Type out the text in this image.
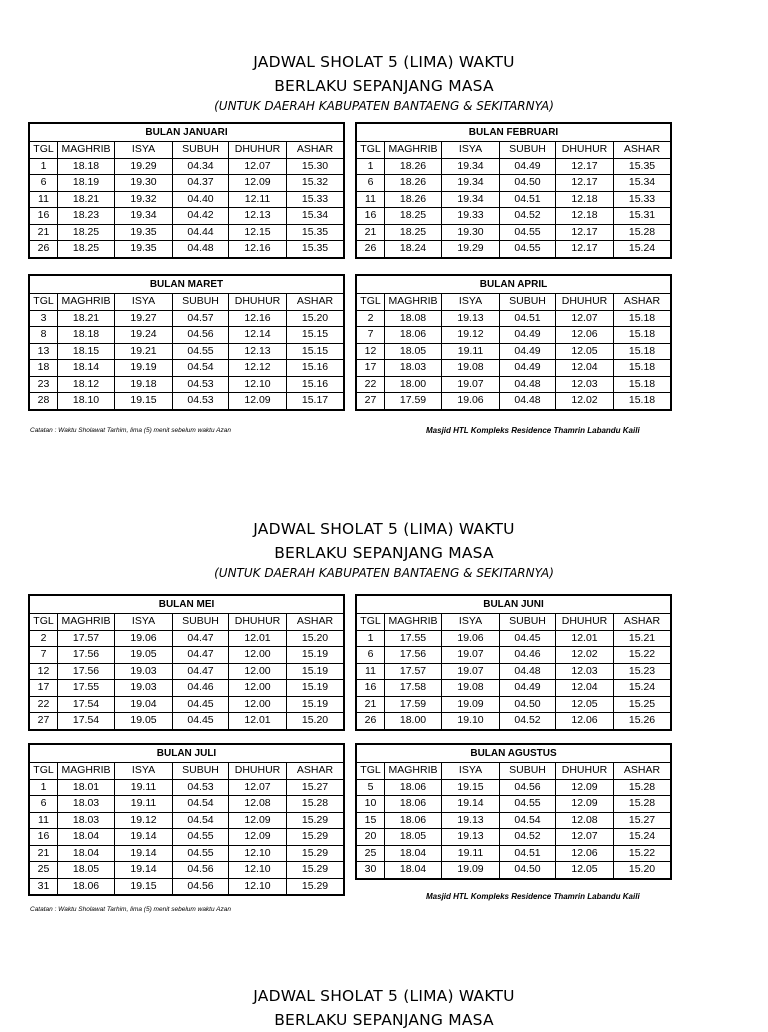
JADWAL SHOLAT 5 (LIMA) WAKTU
BERLAKU SEPANJANG MASA
(UNTUK DAERAH KABUPATEN BANTAENG & SEKITARNYA)
BULAN JANUARI					
TGL	MAGHRIB	ISYA	SUBUH	DHUHUR	ASHAR
1	18.18	19.29	04.34	12.07	15.30
6	18.19	19.30	04.37	12.09	15.32
11	18.21	19.32	04.40	12.11	15.33
16	18.23	19.34	04.42	12.13	15.34
21	18.25	19.35	04.44	12.15	15.35
26	18.25	19.35	04.48	12.16	15.35
BULAN FEBRUARI					
TGL	MAGHRIB	ISYA	SUBUH	DHUHUR	ASHAR
1	18.26	19.34	04.49	12.17	15.35
6	18.26	19.34	04.50	12.17	15.34
11	18.26	19.34	04.51	12.18	15.33
16	18.25	19.33	04.52	12.18	15.31
21	18.25	19.30	04.55	12.17	15.28
26	18.24	19.29	04.55	12.17	15.24
BULAN MARET					
TGL	MAGHRIB	ISYA	SUBUH	DHUHUR	ASHAR
3	18.21	19.27	04.57	12.16	15.20
8	18.18	19.24	04.56	12.14	15.15
13	18.15	19.21	04.55	12.13	15.15
18	18.14	19.19	04.54	12.12	15.16
23	18.12	19.18	04.53	12.10	15.16
28	18.10	19.15	04.53	12.09	15.17
BULAN APRIL					
TGL	MAGHRIB	ISYA	SUBUH	DHUHUR	ASHAR
2	18.08	19.13	04.51	12.07	15.18
7	18.06	19.12	04.49	12.06	15.18
12	18.05	19.11	04.49	12.05	15.18
17	18.03	19.08	04.49	12.04	15.18
22	18.00	19.07	04.48	12.03	15.18
27	17.59	19.06	04.48	12.02	15.18
Catatan : Waktu Sholawat Tarhim, lima (5) menit sebelum waktu Azan	Masjid HTL Kompleks Residence Thamrin Labandu Kaili
JADWAL SHOLAT 5 (LIMA) WAKTU
BERLAKU SEPANJANG MASA
(UNTUK DAERAH KABUPATEN BANTAENG & SEKITARNYA)
BULAN MEI					
TGL	MAGHRIB	ISYA	SUBUH	DHUHUR	ASHAR
2	17.57	19.06	04.47	12.01	15.20
7	17.56	19.05	04.47	12.00	15.19
12	17.56	19.03	04.47	12.00	15.19
17	17.55	19.03	04.46	12.00	15.19
22	17.54	19.04	04.45	12.00	15.19
27	17.54	19.05	04.45	12.01	15.20
BULAN JUNI					
TGL	MAGHRIB	ISYA	SUBUH	DHUHUR	ASHAR
1	17.55	19.06	04.45	12.01	15.21
6	17.56	19.07	04.46	12.02	15.22
11	17.57	19.07	04.48	12.03	15.23
16	17.58	19.08	04.49	12.04	15.24
21	17.59	19.09	04.50	12.05	15.25
26	18.00	19.10	04.52	12.06	15.26
BULAN JULI					
TGL	MAGHRIB	ISYA	SUBUH	DHUHUR	ASHAR
1	18.01	19.11	04.53	12.07	15.27
6	18.03	19.11	04.54	12.08	15.28
11	18.03	19.12	04.54	12.09	15.29
16	18.04	19.14	04.55	12.09	15.29
21	18.04	19.14	04.55	12.10	15.29
25	18.05	19.14	04.56	12.10	15.29
31	18.06	19.15	04.56	12.10	15.29
BULAN AGUSTUS					
TGL	MAGHRIB	ISYA	SUBUH	DHUHUR	ASHAR
5	18.06	19.15	04.56	12.09	15.28
10	18.06	19.14	04.55	12.09	15.28
15	18.06	19.13	04.54	12.08	15.27
20	18.05	19.13	04.52	12.07	15.24
25	18.04	19.11	04.51	12.06	15.22
30	18.04	19.09	04.50	12.05	15.20
Catatan : Waktu Sholawat Tarhim, lima (5) menit sebelum waktu Azan
Masjid HTL Kompleks Residence Thamrin Labandu Kaili
JADWAL SHOLAT 5 (LIMA) WAKTU
BERLAKU SEPANJANG MASA
